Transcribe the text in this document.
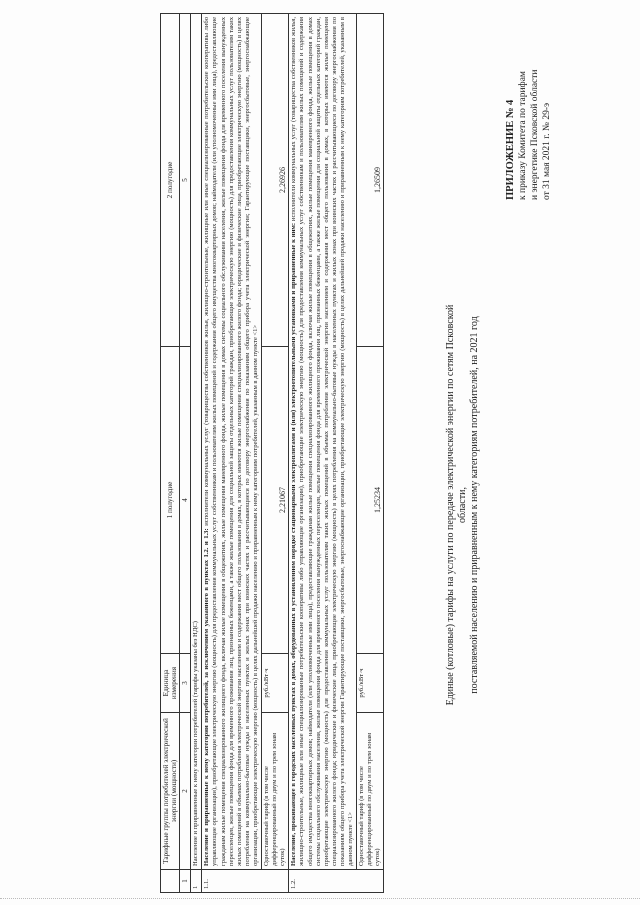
ПРИЛОЖЕНИЕ № 4 к приказу Комитета по тарифам и энергетике Псковской области от 31 мая 2021 г. № 29-э
Единые (котловые) тарифы на услуги по передаче электрической энергии по сетям Псковской области, поставляемой населению и приравненным к нему категориям потребителей, на 2021 год
	Тарифные группы потребителей электрической энергии (мощности)	Единица измерения	1 полугодие	2 полугодие
1	2	3	4	5
1	Население и приравненные к нему категории потребителей (тарифы указаны без НДС)			
1.1.	Население и приравненные к нему категории потребителей, за исключением указанного в пунктах 1.2. и 1.3: исполнители коммунальных услуг (товарищества собственников жилья, жилищно-строительные, жилищные или иные специализированные потребительские кооперативы либо управляющие организации), приобретающие электрическую энергию (мощность) для предоставления коммунальных услуг собственникам и пользователям жилых помещений и содержания общего имущества многоквартирных домов; наймодатели (или уполномоченные ими лица), предоставляющие гражданам жилые помещения специализированного жилищного фонда, включая жилые помещения в общежитиях, жилые помещения маневренного фонда, жилые помещения в домах системы социального обслуживания населения, жилые помещения фонда для временного поселения вынужденных переселенцев, жилые помещения фонда для временного проживания лиц, признанных беженцами, а также жилые помещения для социальной защиты отдельных категорий граждан, приобретающие электрическую энергию (мощность) для предоставления коммунальных услуг пользователям таких жилых помещений в объемах потребления электрической энергии населением и содержания мест общего пользования в домах, в которых имеются жилые помещения специализированного жилого фонда; юридические и физические лица, приобретающие электрическую энергию (мощность) в целях потребления на коммунально-бытовые нужды в населенных пунктах и жилых зонах при воинских частях и рассчитывающиеся по договору энергоснабжения по показаниям общего прибора учета электрической энергии; Гарантирующие поставщики, энергосбытовые, энергоснабжающие организации, приобретающие электрическую энергию (мощность) в целях дальнейшей продажи населению и приравненным к нему категориям потребителей, указанным в данном пункте <1>			
	Одноставочный тариф (в том числе дифференцированный по двум и по трем зонам суток)	руб./кВт·ч	2,21067	2,26926
1.2.	Население, проживающее в городских населенных пунктах в домах, оборудованных в установленном порядке стационарными электроплитами и (или) электроотопительными установками и приравненные к ним: исполнители коммунальных услуг (товарищества собственников жилья, жилищно-строительные, жилищные или иные специализированные потребительские кооперативы либо управляющие организации), приобретающие электрическую энергию (мощность) для предоставления коммунальных услуг собственникам и пользователям жилых помещений и содержания общего имущества многоквартирных домов; наймодатели (или уполномоченные ими лица), предоставляющие гражданам жилые помещения специализированного жилищного фонда, включая жилые помещения в общежитиях, жилые помещения маневренного фонда, жилые помещения в домах системы социального обслуживания населения, жилые помещения фонда для временного поселения вынужденных переселенцев, жилые помещения фонда для временного проживания лиц, признанных беженцами, а также жилые помещения для социальной защиты отдельных категорий граждан, приобретающие электрическую энергию (мощность) для предоставления коммунальных услуг пользователям таких жилых помещений в объемах потребления электрической энергии населением и содержания мест общего пользования в домах, в которых имеются жилые помещения специализированного жилого фонда; юридические и физические лица, приобретающие электрическую энергию (мощность) в целях потребления на коммунально-бытовые нужды в населенных пунктах и жилых зонах при воинских частях и рассчитывающиеся по договору энергоснабжения по показаниям общего прибора учета электрической энергии Гарантирующие поставщики, энергосбытовые, энергоснабжающие организации, приобретающие электрическую энергию (мощность) в целях дальнейшей продажи населению и приравненным к нему категориям потребителей, указанным в данном пункте <1>			
	Одноставочный тариф (в том числе дифференцированный по двум и по трем зонам суток)	руб./кВт·ч	1,25234	1,26509
